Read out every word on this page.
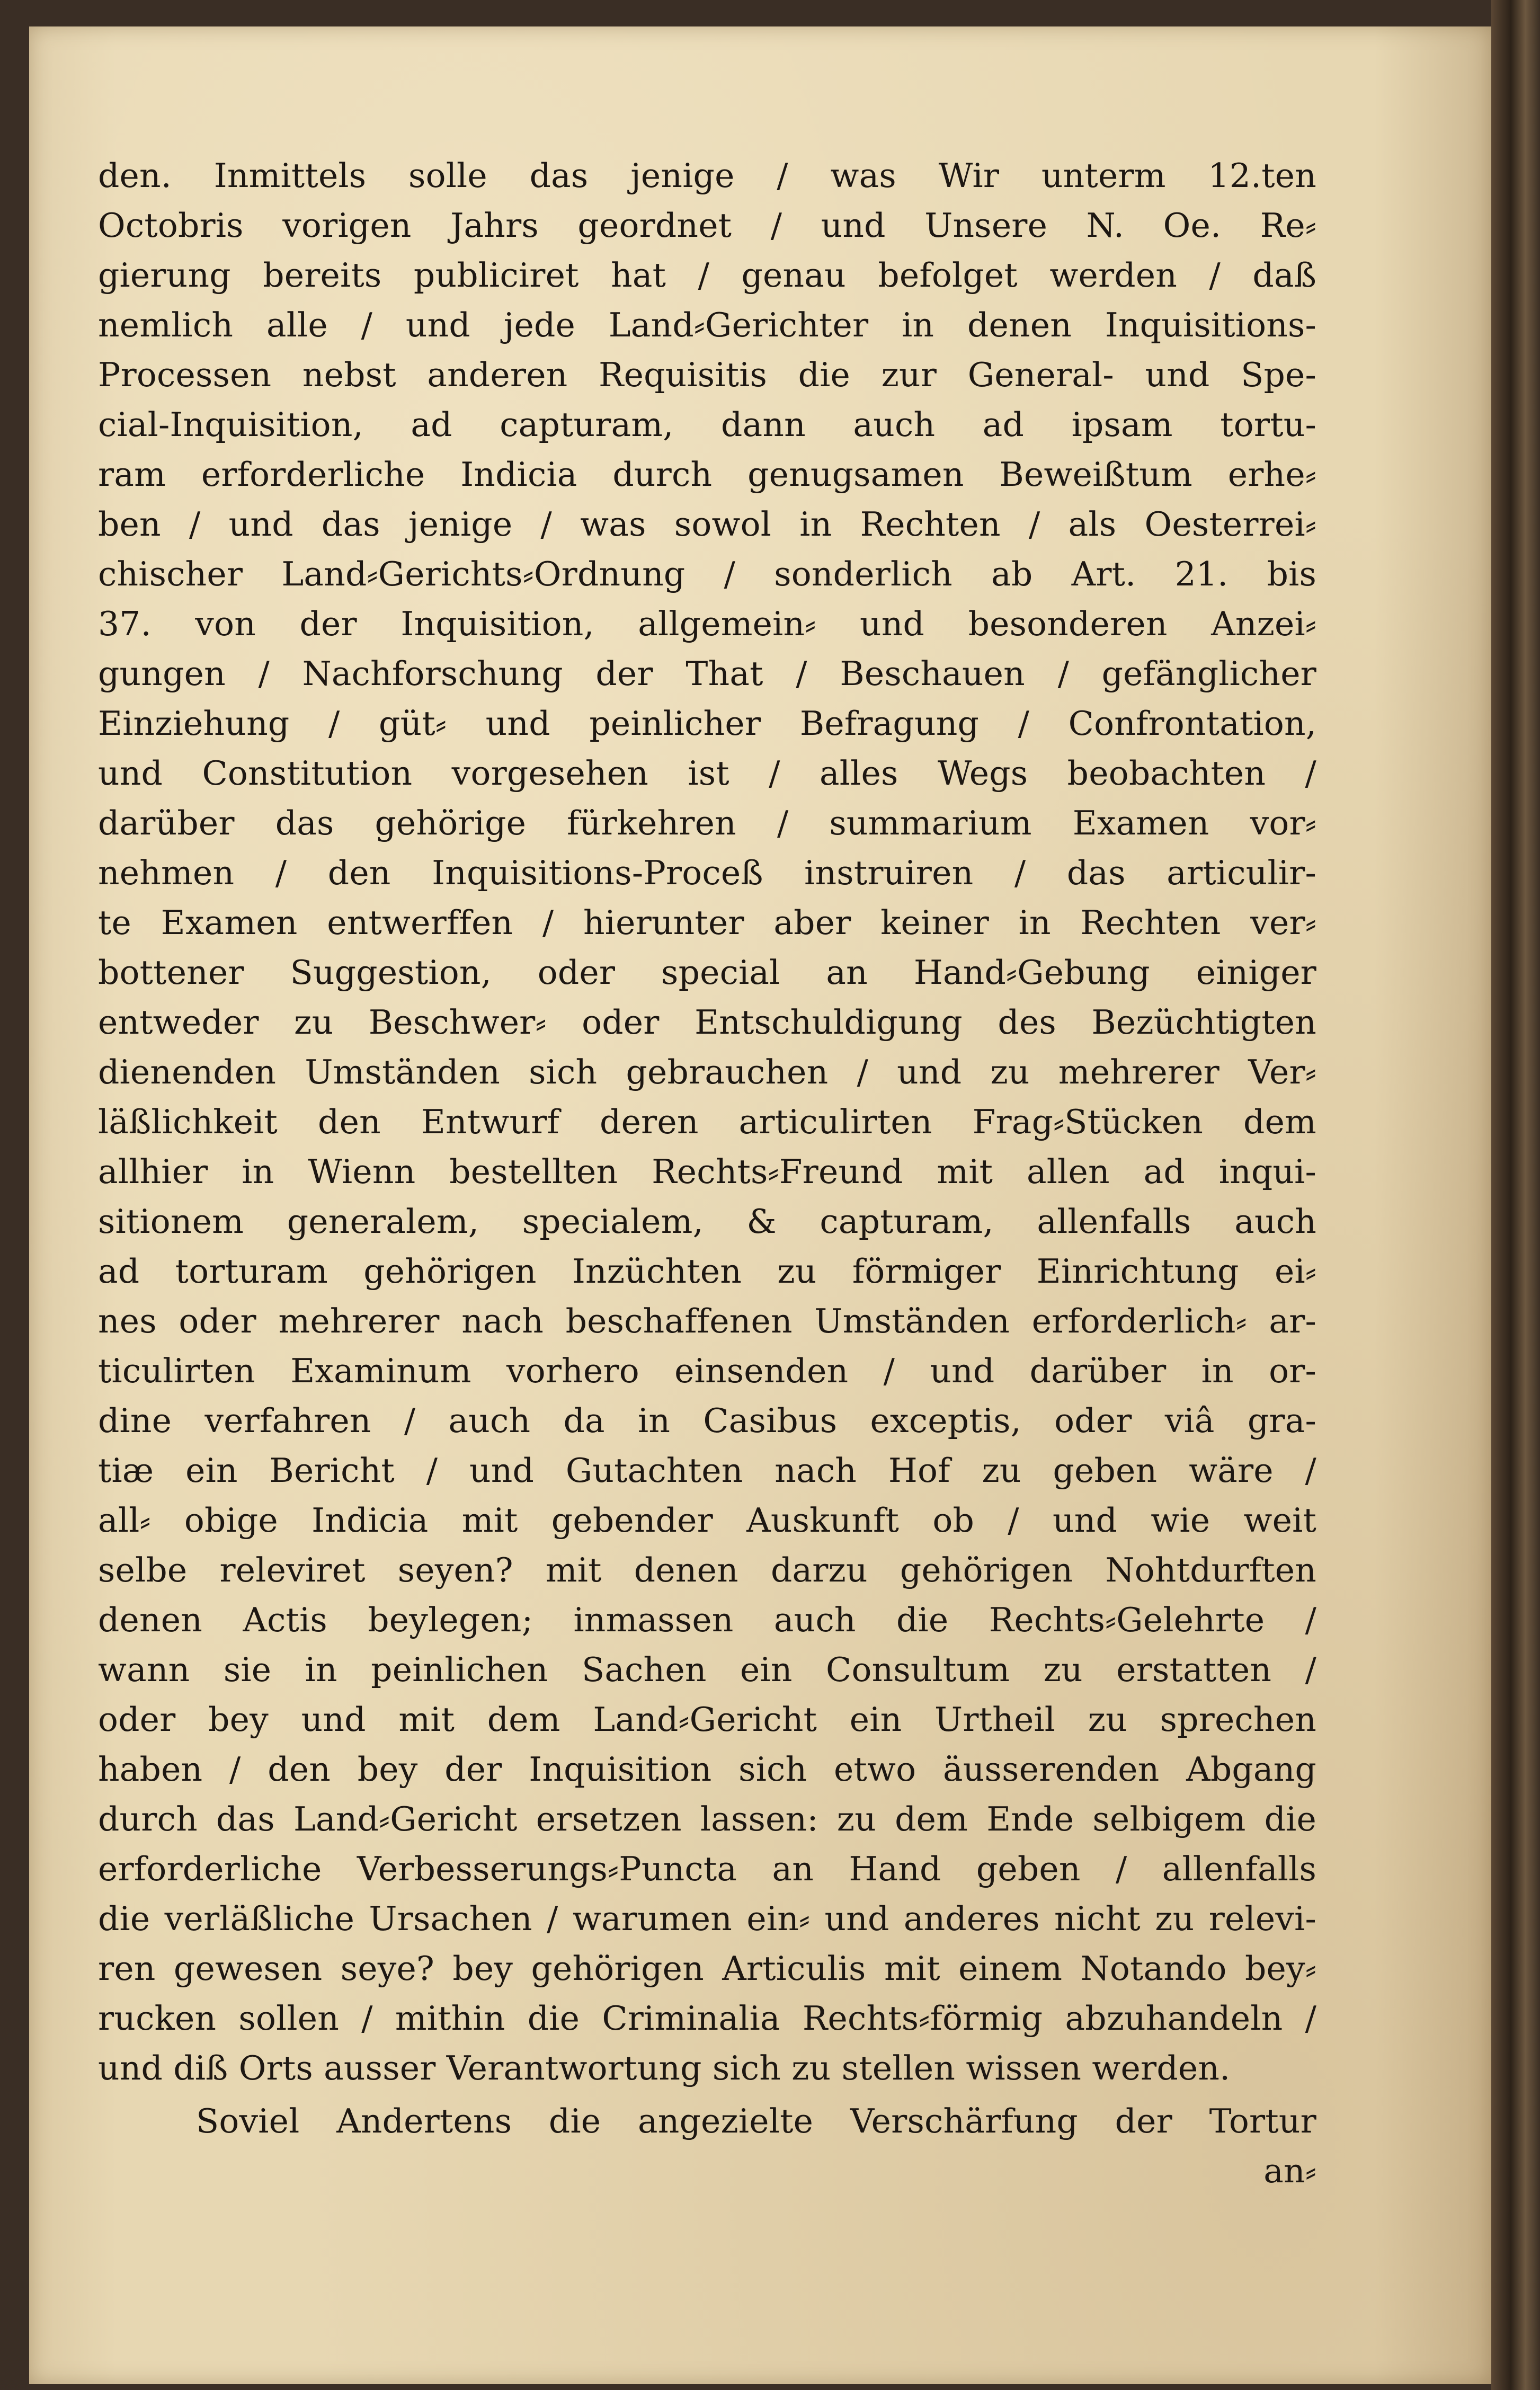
den. Inmittels solle das jenige / was Wir unterm 12.ten
Octobris vorigen Jahrs geordnet / und Unsere N. Oe. Re⸗
gierung bereits publiciret hat / genau befolget werden / daß
nemlich alle / und jede Land⸗Gerichter in denen Inquisitions-
Processen nebst anderen Requisitis die zur General- und Spe-
cial-Inquisition, ad capturam, dann auch ad ipsam tortu-
ram erforderliche Indicia durch genugsamen Beweißtum erhe⸗
ben / und das jenige / was sowol in Rechten / als Oesterrei⸗
chischer Land⸗Gerichts⸗Ordnung / sonderlich ab Art. 21. bis
37. von der Inquisition, allgemein⸗ und besonderen Anzei⸗
gungen / Nachforschung der That / Beschauen / gefänglicher
Einziehung / güt⸗ und peinlicher Befragung / Confrontation,
und Constitution vorgesehen ist / alles Wegs beobachten /
darüber das gehörige fürkehren / summarium Examen vor⸗
nehmen / den Inquisitions-Proceß instruiren / das articulir-
te Examen entwerffen / hierunter aber keiner in Rechten ver⸗
bottener Suggestion, oder special an Hand⸗Gebung einiger
entweder zu Beschwer⸗ oder Entschuldigung des Bezüchtigten
dienenden Umständen sich gebrauchen / und zu mehrerer Ver⸗
läßlichkeit den Entwurf deren articulirten Frag⸗Stücken dem
allhier in Wienn bestellten Rechts⸗Freund mit allen ad inqui-
sitionem generalem, specialem, & capturam, allenfalls auch
ad torturam gehörigen Inzüchten zu förmiger Einrichtung ei⸗
nes oder mehrerer nach beschaffenen Umständen erforderlich⸗ ar-
ticulirten Examinum vorhero einsenden / und darüber in or-
dine verfahren / auch da in Casibus exceptis, oder viâ gra-
tiæ ein Bericht / und Gutachten nach Hof zu geben wäre /
all⸗ obige Indicia mit gebender Auskunft ob / und wie weit
selbe releviret seyen? mit denen darzu gehörigen Nohtdurften
denen Actis beylegen; inmassen auch die Rechts⸗Gelehrte /
wann sie in peinlichen Sachen ein Consultum zu erstatten /
oder bey und mit dem Land⸗Gericht ein Urtheil zu sprechen
haben / den bey der Inquisition sich etwo äusserenden Abgang
durch das Land⸗Gericht ersetzen lassen: zu dem Ende selbigem die
erforderliche Verbesserungs⸗Puncta an Hand geben / allenfalls
die verläßliche Ursachen / warumen ein⸗ und anderes nicht zu relevi-
ren gewesen seye? bey gehörigen Articulis mit einem Notando bey⸗
rucken sollen / mithin die Criminalia Rechts⸗förmig abzuhandeln /
und diß Orts ausser Verantwortung sich zu stellen wissen werden.
Soviel Andertens die angezielte Verschärfung der Tortur
an⸗
